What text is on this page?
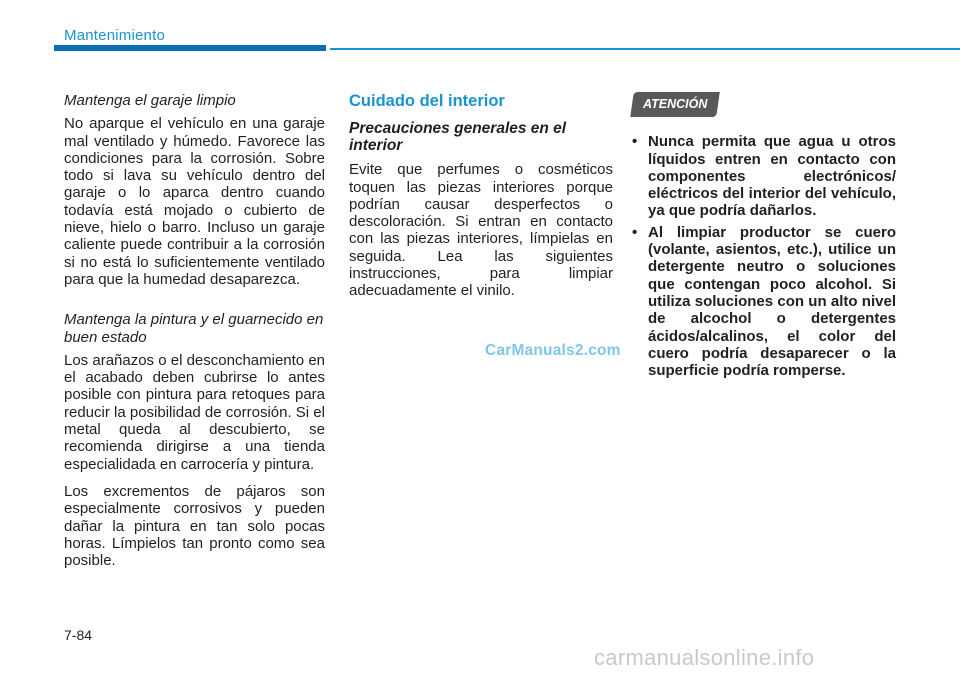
Mantenimiento

Mantenga el garaje limpio

No aparque el vehículo en una garaje mal ventilado y húmedo. Favorece las condiciones para la corrosión. Sobre todo si lava su vehículo dentro del garaje o lo aparca dentro cuando todavía está mojado o cubierto de nieve, hielo o barro. Incluso un garaje caliente puede contribuir a la corrosión si no está lo suficientemente ventilado para que la humedad desaparezca.

Mantenga la pintura y el guarnecido en buen estado

Los arañazos o el desconchamiento en el acabado deben cubrirse lo antes posible con pintura para retoques para reducir la posibilidad de corrosión. Si el metal queda al descubierto, se recomienda dirigirse a una tienda especialidada en carrocería y pintura.

Los excrementos de pájaros son especialmente corrosivos y pueden dañar la pintura en tan solo pocas horas. Límpielos tan pronto como sea posible.

Cuidado del interior
Precauciones generales en el interior

Evite que perfumes o cosméticos toquen las piezas interiores porque podrían causar desperfectos o descoloración. Si entran en contacto con las piezas interiores, límpielas en seguida. Lea las siguientes instrucciones, para limpiar adecuadamente el vinilo.

ATENCIÓN
• Nunca permita que agua u otros líquidos entren en contacto con componentes electrónicos/ eléctricos del interior del vehículo, ya que podría dañarlos.
• Al limpiar productor se cuero (volante, asientos, etc.), utilice un detergente neutro o soluciones que contengan poco alcohol. Si utiliza soluciones con un alto nivel de alcochol o detergentes ácidos/alcalinos, el color del cuero podría desaparecer o la superficie podría romperse.
CarManuals2.com
7-84
carmanualsonline.info
